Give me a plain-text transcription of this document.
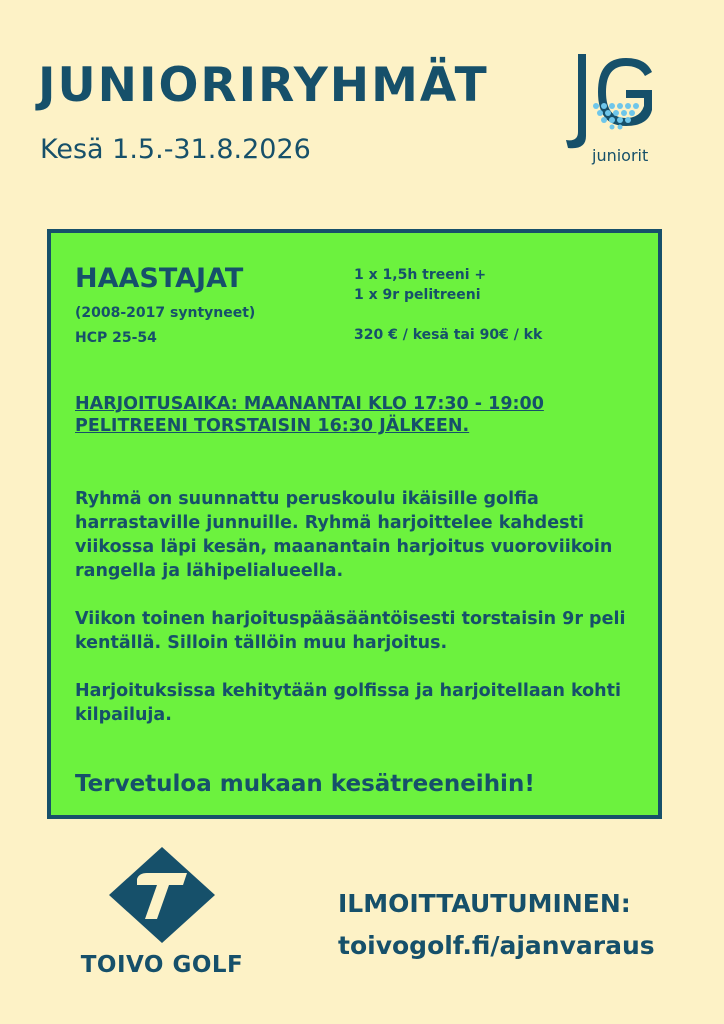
JUNIORIRYHMÄT
Kesä 1.5.-31.8.2026	juniorit
HAASTAJAT
(2008-2017 syntyneet)
HCP 25-54
1 x 1,5h treeni +
1 x 9r pelitreeni
320 € / kesä tai 90€ / kk
HARJOITUSAIKA: MAANANTAI KLO 17:30 - 19:00
PELITREENI TORSTAISIN 16:30 JÄLKEEN.
Ryhmä on suunnattu peruskoulu ikäisille golfia harrastaville junnuille. Ryhmä harjoittelee kahdesti viikossa läpi kesän, maanantain harjoitus vuoroviikoin rangella ja lähipelialueella.
Viikon toinen harjoituspääsääntöisesti torstaisin 9r peli kentällä. Silloin tällöin muu harjoitus.
Harjoituksissa kehitytään golfissa ja harjoitellaan kohti kilpailuja.
Tervetuloa mukaan kesätreeneihin!
TOIVO GOLF
ILMOITTAUTUMINEN:
toivogolf.fi/ajanvaraus
